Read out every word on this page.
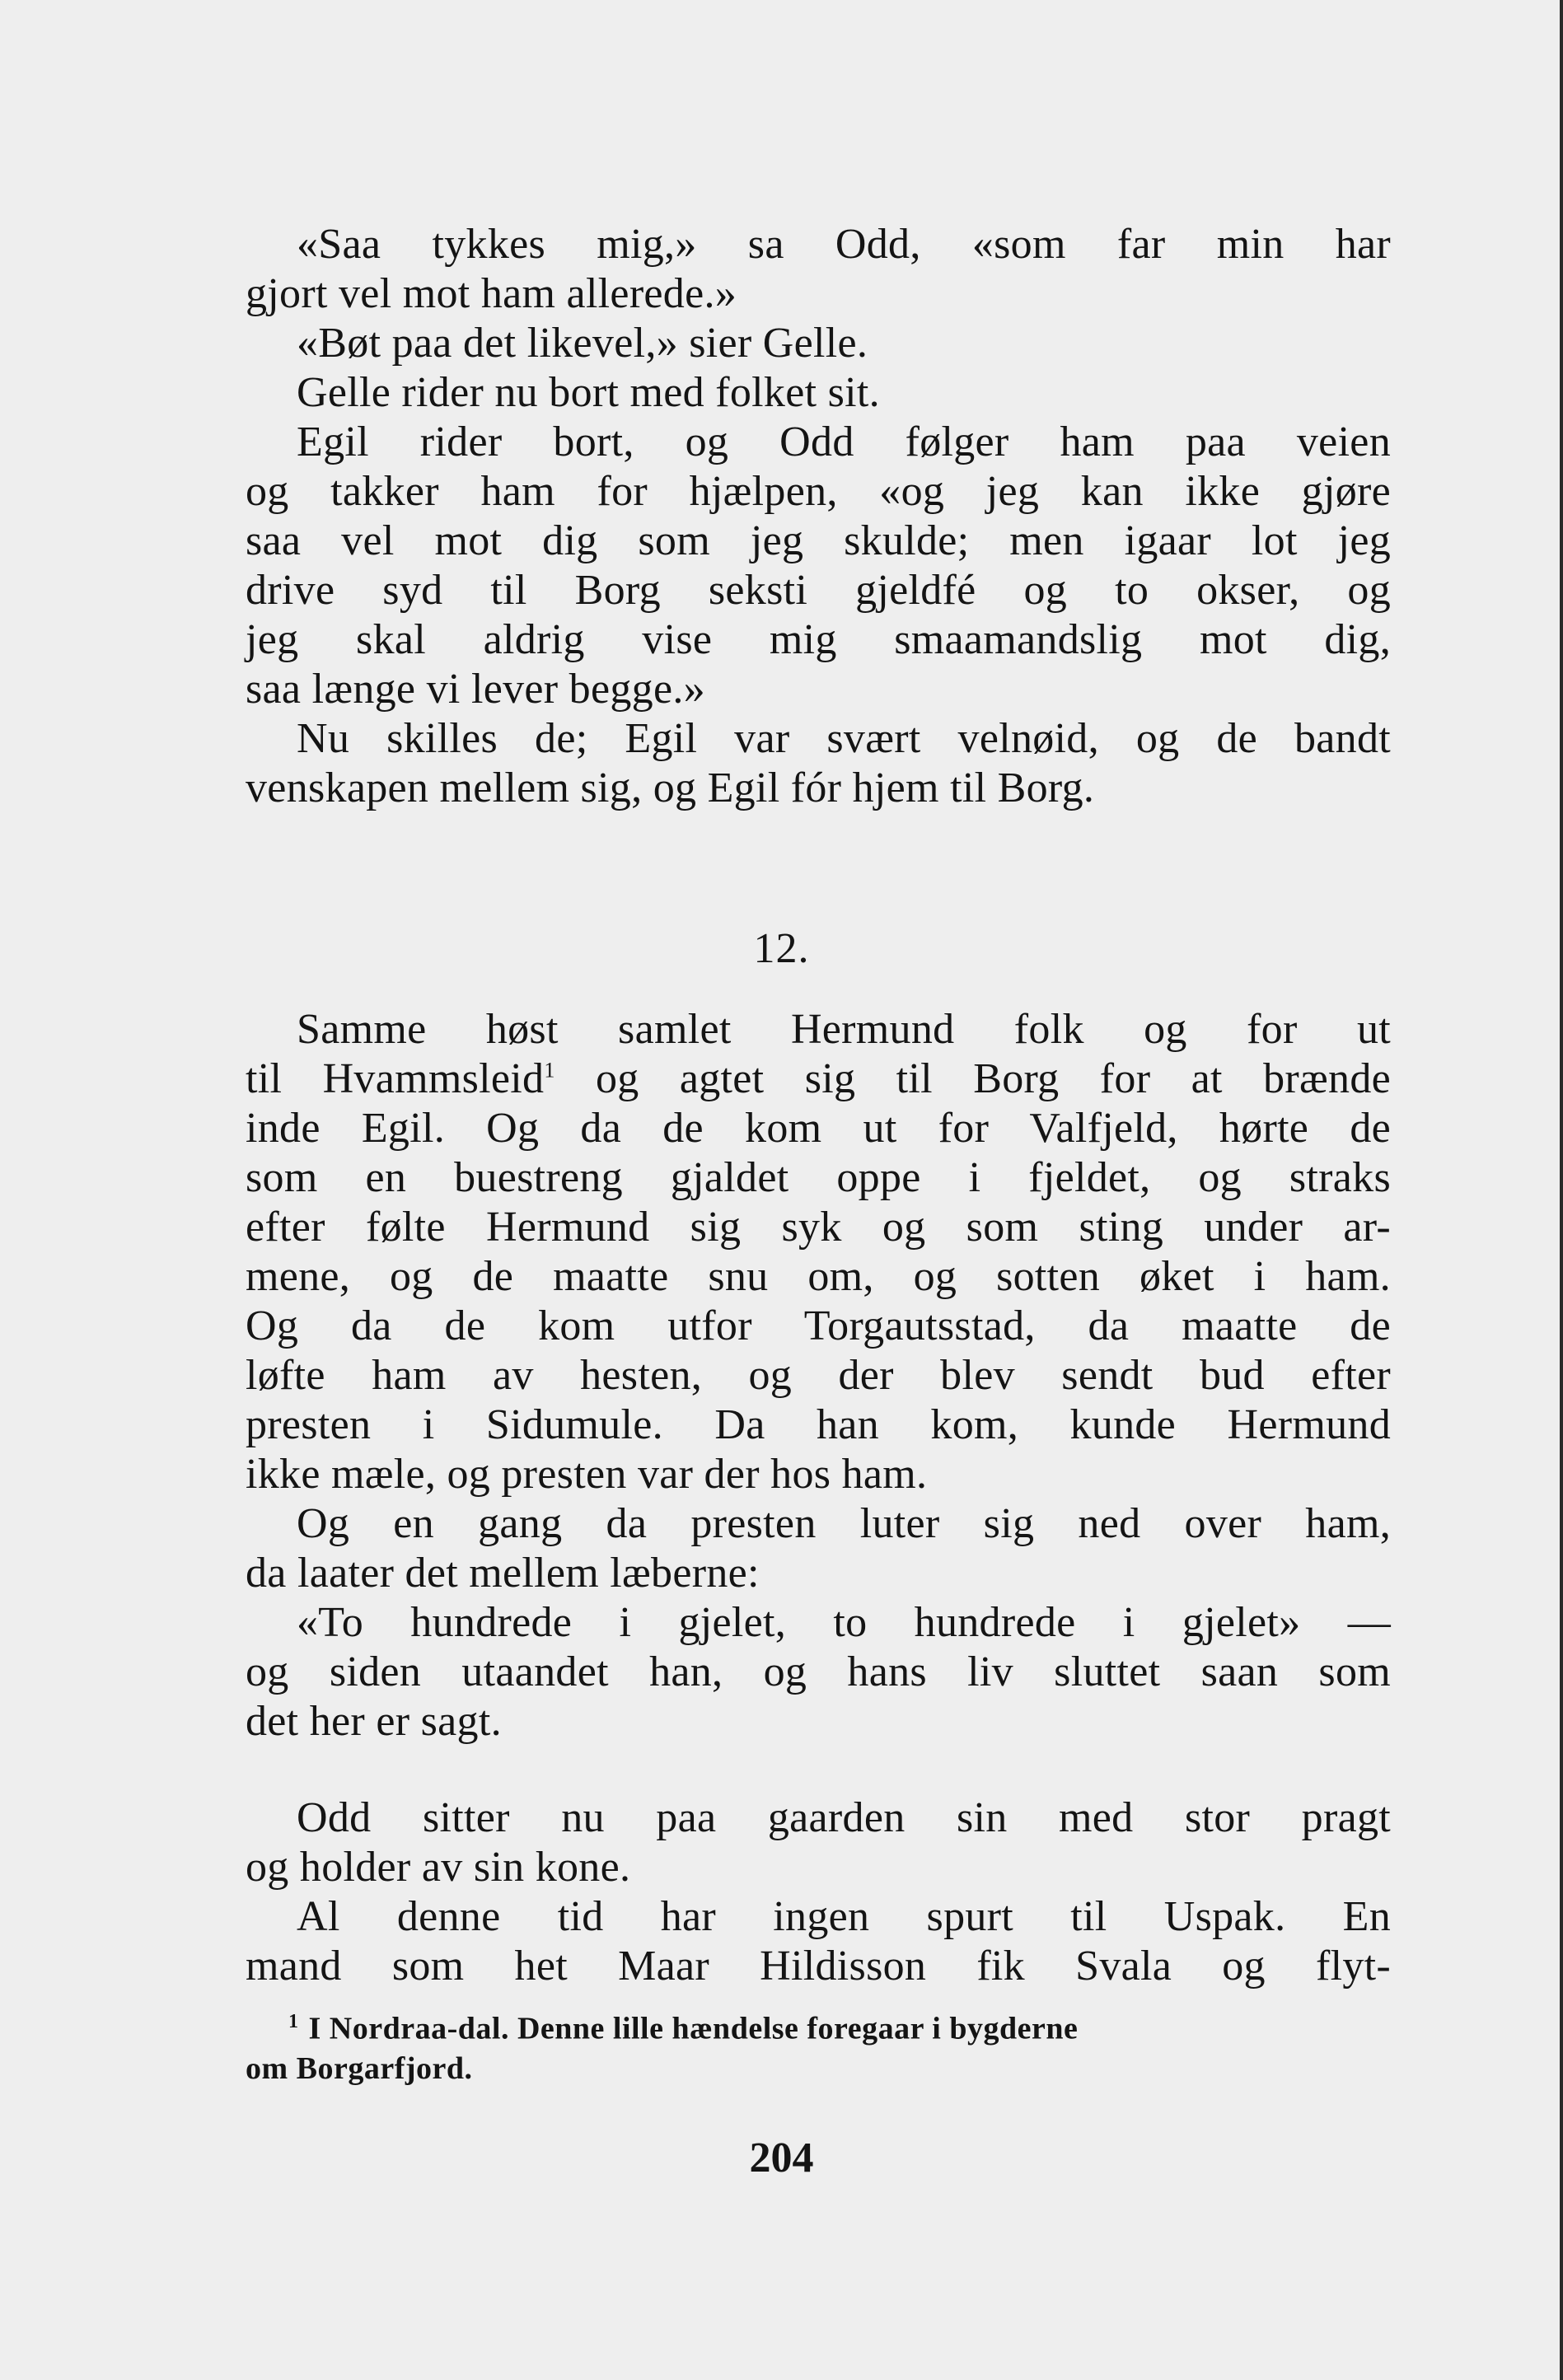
«Saa tykkes mig,» sa Odd, «som far min har
gjort vel mot ham allerede.»

«Bøt paa det likevel,» sier Gelle.

Gelle rider nu bort med folket sit.

Egil rider bort, og Odd følger ham paa veien
og takker ham for hjælpen, «og jeg kan ikke gjøre
saa vel mot dig som jeg skulde; men igaar lot jeg
drive syd til Borg seksti gjeldfé og to okser, og
jeg skal aldrig vise mig smaamandslig mot dig,
saa længe vi lever begge.»

Nu skilles de; Egil var svært velnøid, og de bandt
venskapen mellem sig, og Egil fór hjem til Borg.

12.

Samme høst samlet Hermund folk og for ut
til Hvammsleid$^1$ og agtet sig til Borg for at brænde
inde Egil. Og da de kom ut for Valfjeld, hørte de
som en buestreng gjaldet oppe i fjeldet, og straks
efter følte Hermund sig syk og som sting under ar-
mene, og de maatte snu om, og sotten øket i ham.
Og da de kom utfor Torgautsstad, da maatte de
løfte ham av hesten, og der blev sendt bud efter
presten i Sidumule. Da han kom, kunde Hermund
ikke mæle, og presten var der hos ham.

Og en gang da presten luter sig ned over ham,
da laater det mellem læberne:

«To hundrede i gjelet, to hundrede i gjelet» —
og siden utaandet han, og hans liv sluttet saan som
det her er sagt.

Odd sitter nu paa gaarden sin med stor pragt
og holder av sin kone.

Al denne tid har ingen spurt til Uspak. En
mand som het Maar Hildisson fik Svala og flyt-

$^1$ I Nordraa-dal. Denne lille hændelse foregaar i bygderne
om Borgarfjord.
204
